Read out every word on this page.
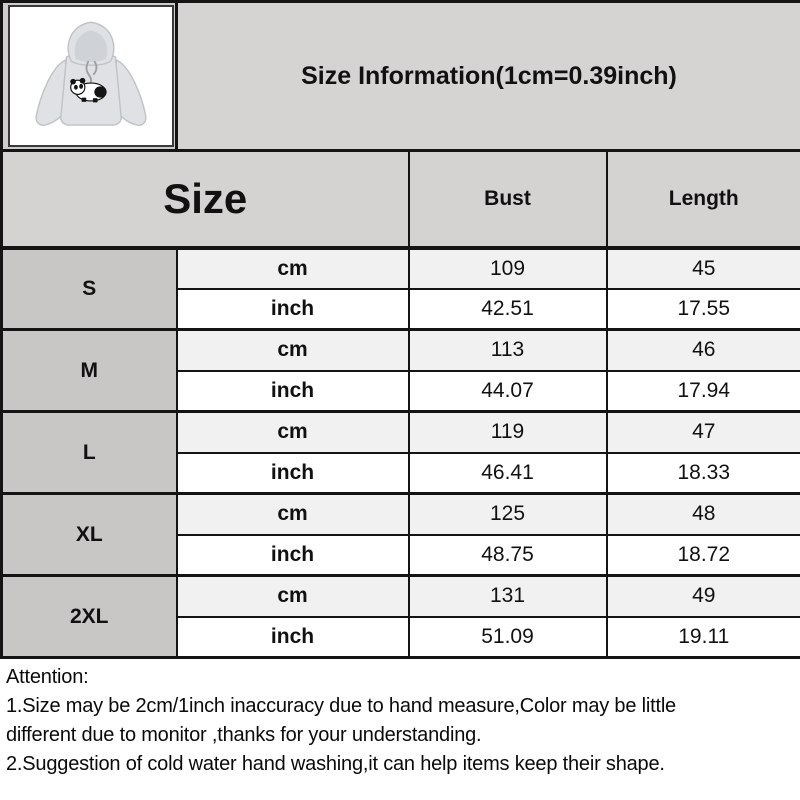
	Size Information(1cm=0.39inch)		
Size		Bust	Length
S	cm	109	45
	inch	42.51	17.55
M	cm	113	46
	inch	44.07	17.94
L	cm	119	47
	inch	46.41	18.33
XL	cm	125	48
	inch	48.75	18.72
2XL	cm	131	49
	inch	51.09	19.11
Attention:
1.Size may be 2cm/1inch inaccuracy due to hand measure,Color may be little
different due to monitor ,thanks for your understanding.
2.Suggestion of cold water hand washing,it can help items keep their shape.
